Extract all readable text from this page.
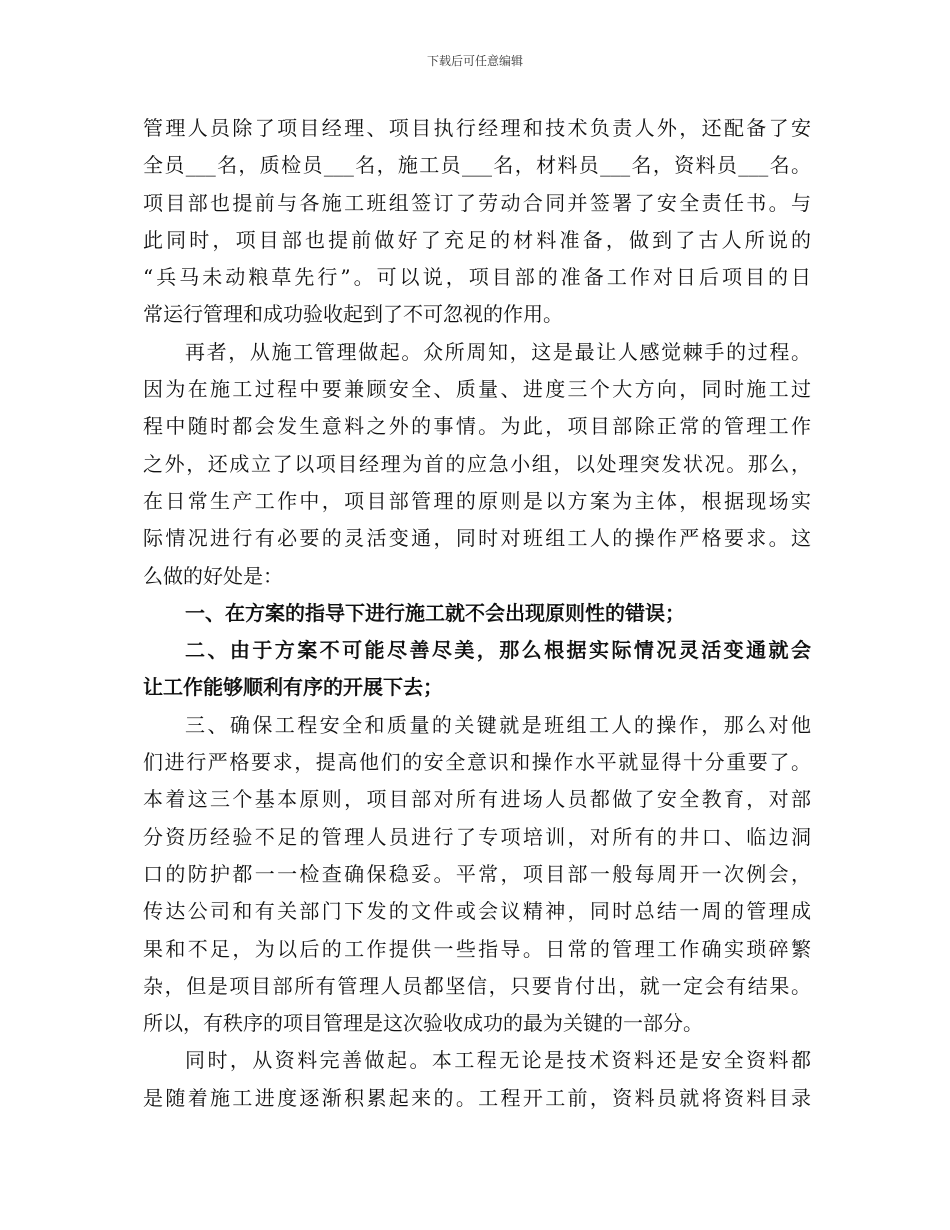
下载后可任意编辑
管理人员除了项目经理、项目执行经理和技术负责人外，还配备了安
全员___名，质检员___名，施工员___名，材料员___名，资料员___名。
项目部也提前与各施工班组签订了劳动合同并签署了安全责任书。与
此同时，项目部也提前做好了充足的材料准备，做到了古人所说的
“兵马未动粮草先行”。可以说，项目部的准备工作对日后项目的日
常运行管理和成功验收起到了不可忽视的作用。
再者，从施工管理做起。众所周知，这是最让人感觉棘手的过程。
因为在施工过程中要兼顾安全、质量、进度三个大方向，同时施工过
程中随时都会发生意料之外的事情。为此，项目部除正常的管理工作
之外，还成立了以项目经理为首的应急小组，以处理突发状况。那么，
在日常生产工作中，项目部管理的原则是以方案为主体，根据现场实
际情况进行有必要的灵活变通，同时对班组工人的操作严格要求。这
么做的好处是：
一、在方案的指导下进行施工就不会出现原则性的错误；
二、由于方案不可能尽善尽美，那么根据实际情况灵活变通就会
让工作能够顺利有序的开展下去；
三、确保工程安全和质量的关键就是班组工人的操作，那么对他
们进行严格要求，提高他们的安全意识和操作水平就显得十分重要了。
本着这三个基本原则，项目部对所有进场人员都做了安全教育，对部
分资历经验不足的管理人员进行了专项培训，对所有的井口、临边洞
口的防护都一一检查确保稳妥。平常，项目部一般每周开一次例会，
传达公司和有关部门下发的文件或会议精神，同时总结一周的管理成
果和不足，为以后的工作提供一些指导。日常的管理工作确实琐碎繁
杂，但是项目部所有管理人员都坚信，只要肯付出，就一定会有结果。
所以，有秩序的项目管理是这次验收成功的最为关键的一部分。
同时，从资料完善做起。本工程无论是技术资料还是安全资料都
是随着施工进度逐渐积累起来的。工程开工前，资料员就将资料目录
